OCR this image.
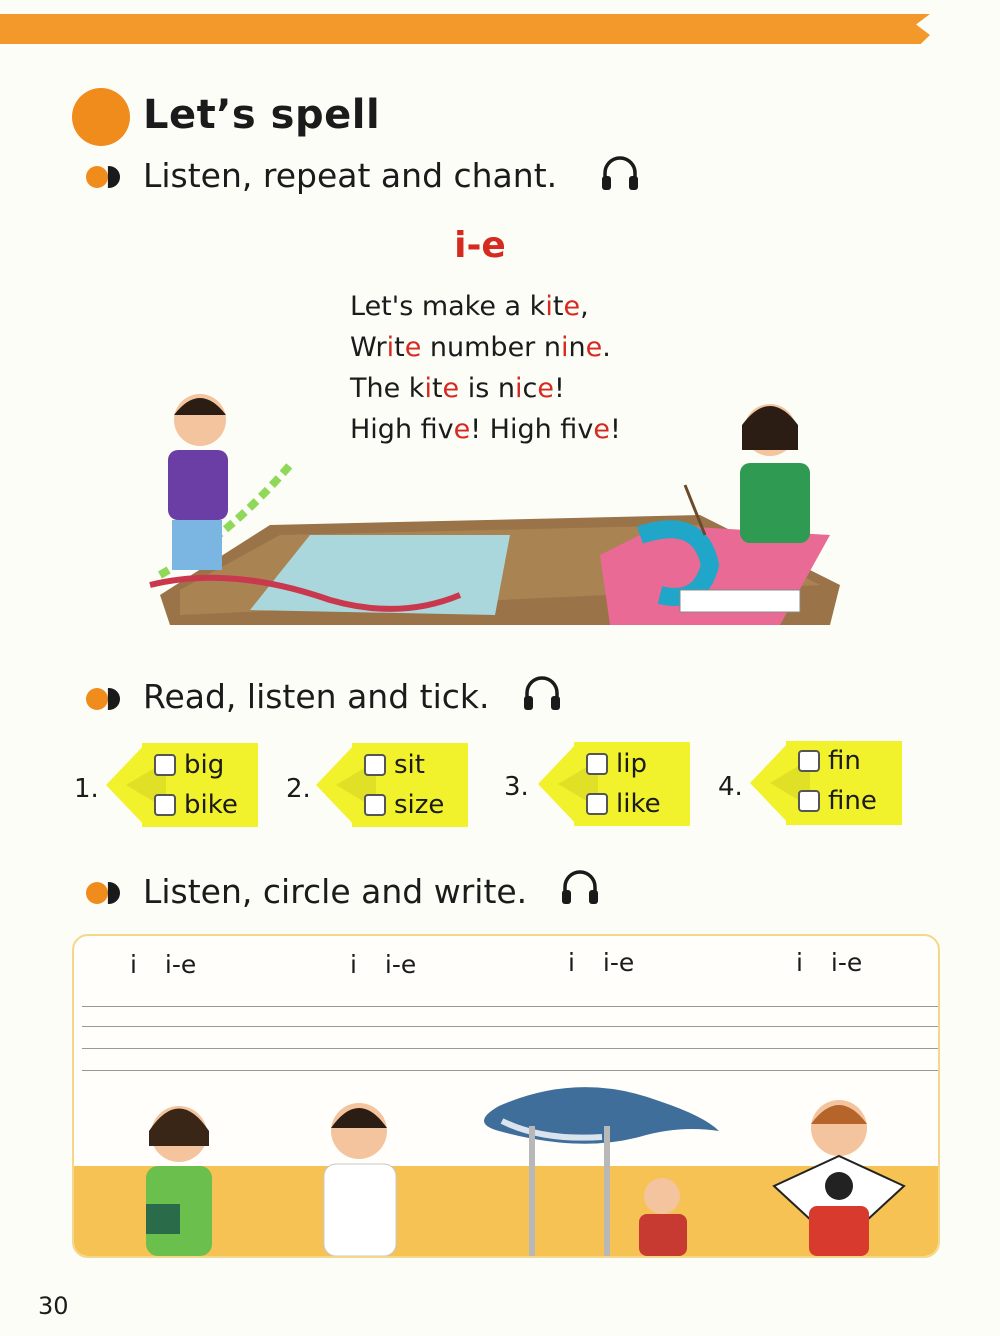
Let’s spell
Listen, repeat and chant.
i-e
Let's make a kite,
Write number nine.
The kite is nice!
High fve! High fve!
Read, listen and tick.
1.
big
bike
2.
sit
size
3.
lip
like
4.
fin
fine
Listen, circle and write.
i i-e	i i-e	i i-e	i i-e
30
